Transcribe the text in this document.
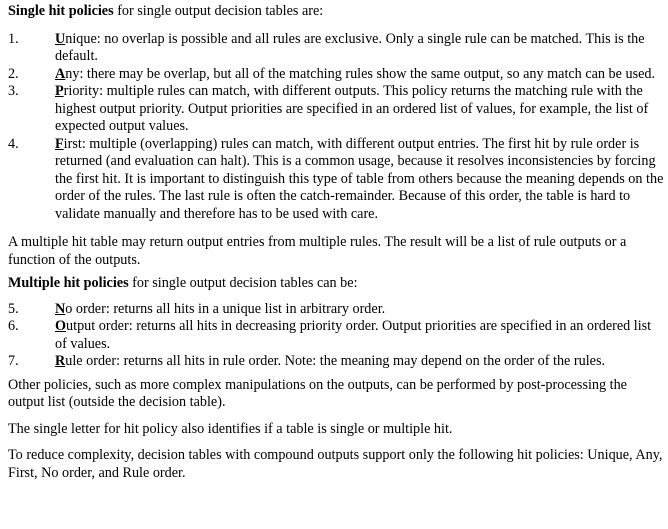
Single hit policies for single output decision tables are:

1.	Unique: no overlap is possible and all rules are exclusive. Only a single rule can be matched. This is the default.
2.	Any: there may be overlap, but all of the matching rules show the same output, so any match can be used.
3.	Priority: multiple rules can match, with different outputs. This policy returns the matching rule with the highest output priority. Output priorities are specified in an ordered list of values, for example, the list of expected output values.
4.	First: multiple (overlapping) rules can match, with different output entries. The first hit by rule order is returned (and evaluation can halt). This is a common usage, because it resolves inconsistencies by forcing the first hit. It is important to distinguish this type of table from others because the meaning depends on the order of the rules. The last rule is often the catch-remainder. Because of this order, the table is hard to validate manually and therefore has to be used with care.

A multiple hit table may return output entries from multiple rules. The result will be a list of rule outputs or a function of the outputs.

Multiple hit policies for single output decision tables can be:

5.	No order: returns all hits in a unique list in arbitrary order.
6.	Output order: returns all hits in decreasing priority order. Output priorities are specified in an ordered list of values.
7.	Rule order: returns all hits in rule order. Note: the meaning may depend on the order of the rules.

Other policies, such as more complex manipulations on the outputs, can be performed by post-processing the output list (outside the decision table).

The single letter for hit policy also identifies if a table is single or multiple hit.

To reduce complexity, decision tables with compound outputs support only the following hit policies: Unique, Any, First, No order, and Rule order.
